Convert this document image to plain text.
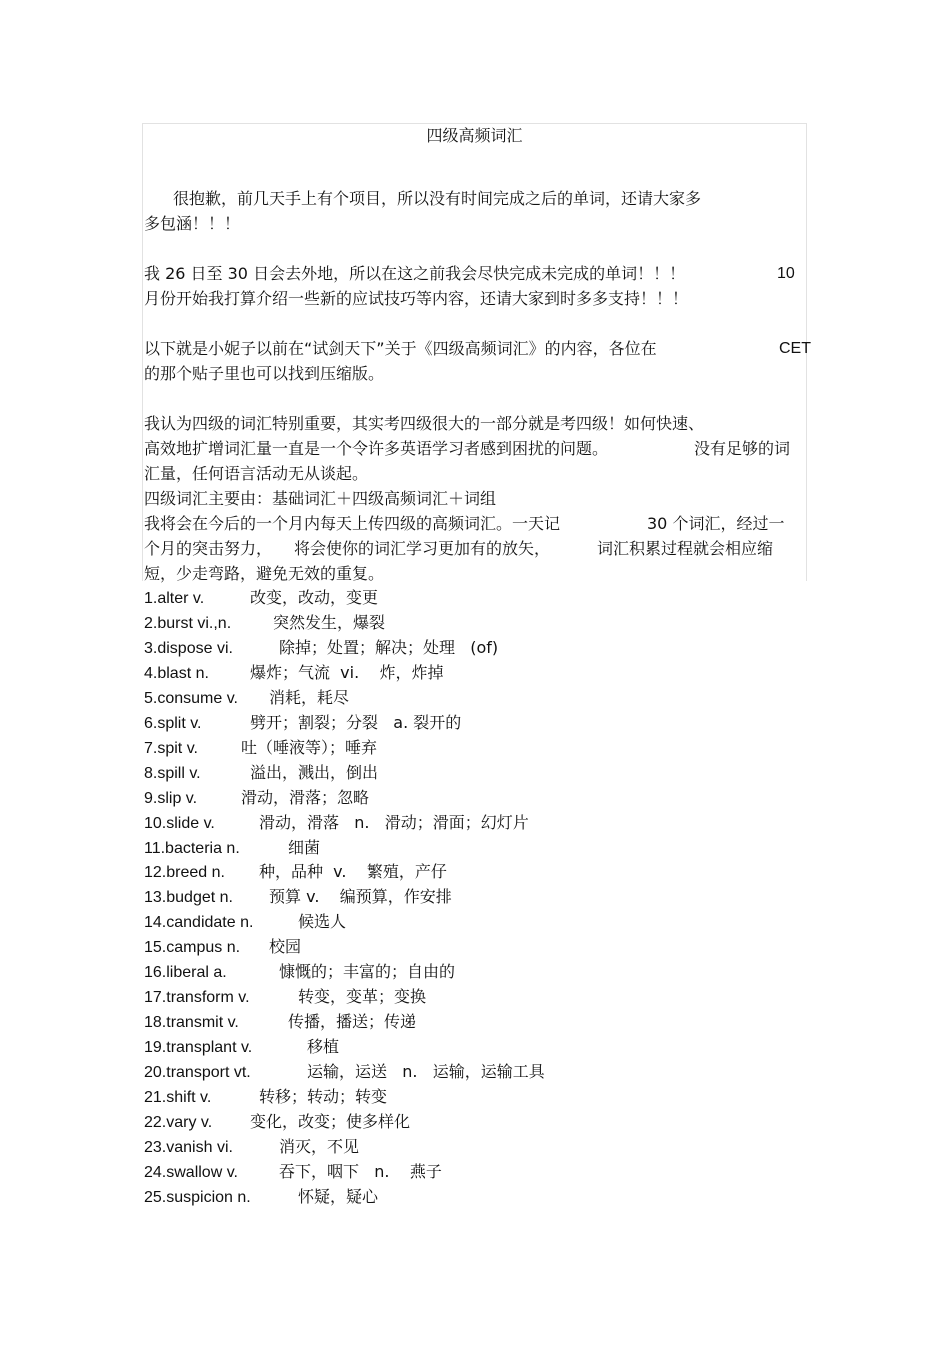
四级高频词汇
很抱歉，前几天手上有个项目，所以没有时间完成之后的单词，还请大家多
多包涵！！！
我 26 日至 30 日会去外地，所以在这之前我会尽快完成未完成的单词！！！	10
月份开始我打算介绍一些新的应试技巧等内容，还请大家到时多多支持！！！
以下就是小妮子以前在“试剑天下”关于《四级高频词汇》的内容，各位在	CET
的那个贴子里也可以找到压缩版。
我认为四级的词汇特别重要，其实考四级很大的一部分就是考四级！如何快速、
高效地扩增词汇量一直是一个令许多英语学习者感到困扰的问题。	没有足够的词
汇量，任何语言活动无从谈起。
四级词汇主要由：基础词汇＋四级高频词汇＋词组
我将会在今后的一个月内每天上传四级的高频词汇。一天记	30 个词汇，经过一
个月的突击努力， 将会使你的词汇学习更加有的放矢，	词汇积累过程就会相应缩
短，少走弯路，避免无效的重复。
1.alter v.	改变，改动，变更
2.burst vi.,n.	突然发生，爆裂
3.dispose vi.	除掉；处置；解决；处理   (of)
4.blast n.	爆炸；气流  vi.    炸，炸掉
5.consume v. 消耗，耗尽
6.split v.	劈开；割裂；分裂   a. 裂开的
7.spit v.	吐（唾液等）；唾弃
8.spill v.	溢出，溅出，倒出
9.slip v.	滑动，滑落；忽略
10.slide v.	滑动，滑落   n.   滑动；滑面；幻灯片
11.bacteria n.	细菌
12.breed n. 种，品种  v.    繁殖，产仔
13.budget n. 预算 v.    编预算，作安排
14.candidate n.	候选人
15.campus n. 校园
16.liberal a.	慷慨的；丰富的；自由的
17.transform v.	转变，变革；变换
18.transmit v.	传播，播送；传递
19.transplant v.	移植
20.transport vt.	运输，运送   n.   运输，运输工具
21.shift v.	转移；转动；转变
22.vary v. 变化，改变；使多样化
23.vanish vi.	消灭，不见
24.swallow v.	吞下，咽下   n.    燕子
25.suspicion n.	怀疑，疑心
